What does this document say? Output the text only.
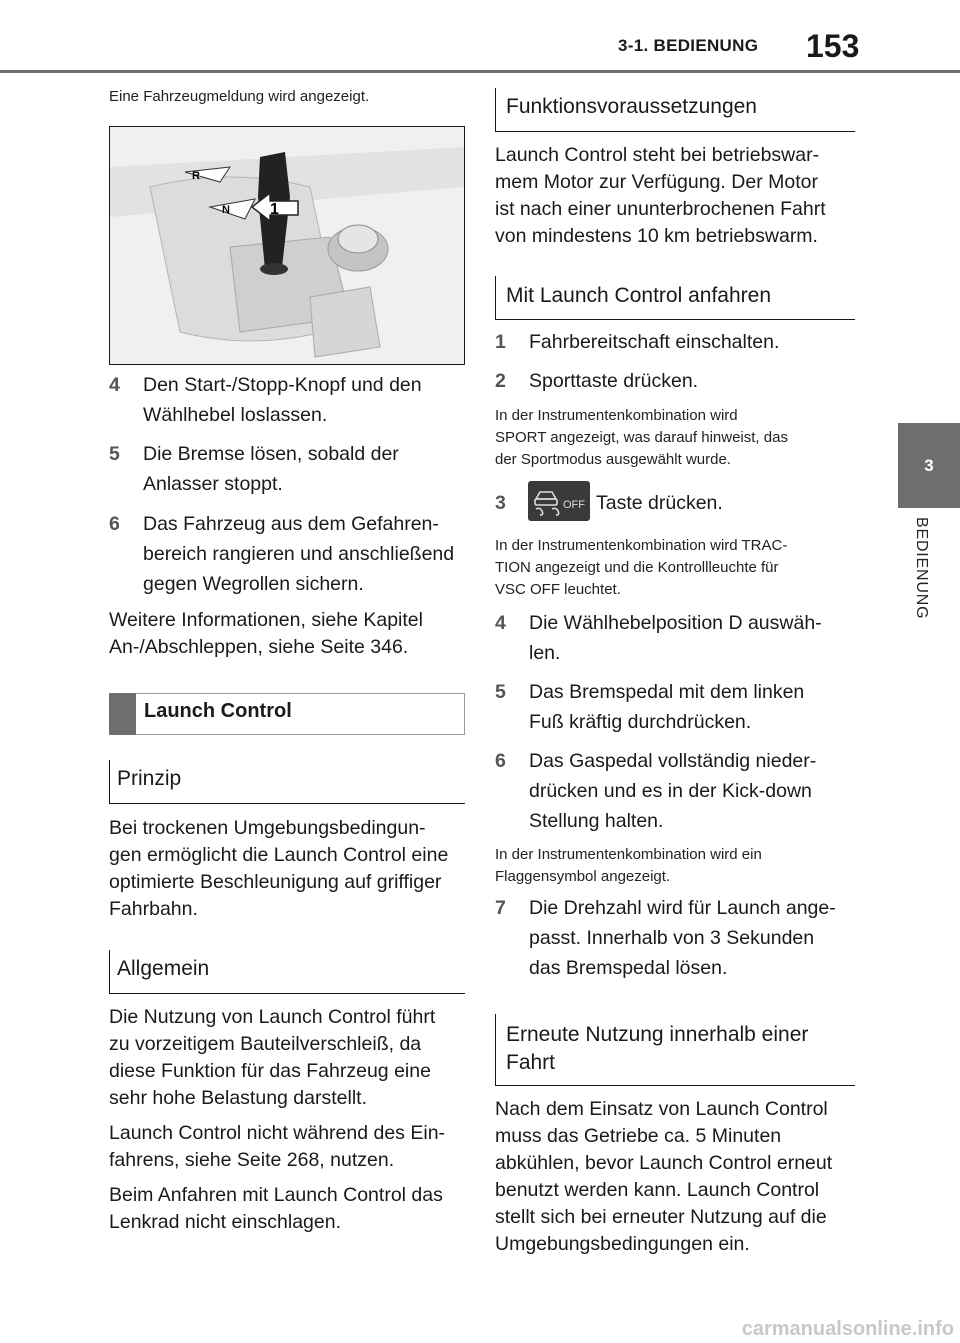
3-1. BEDIENUNG 153
3
BEDIENUNG
Eine Fahrzeugmeldung wird angezeigt.
R
N	1
4 Den Start-/Stopp-Knopf und den
Wählhebel loslassen.
5 Die Bremse lösen, sobald der
Anlasser stoppt.
6 Das Fahrzeug aus dem Gefahren-
bereich rangieren und anschließend
gegen Wegrollen sichern.
Weitere Informationen, siehe Kapitel
An-/Abschleppen, siehe Seite 346.
Launch Control
Prinzip
Bei trockenen Umgebungsbedingun-
gen ermöglicht die Launch Control eine
optimierte Beschleunigung auf griffiger
Fahrbahn.
Allgemein
Die Nutzung von Launch Control führt
zu vorzeitigem Bauteilverschleiß, da
diese Funktion für das Fahrzeug eine
sehr hohe Belastung darstellt.
Launch Control nicht während des Ein-
fahrens, siehe Seite 268, nutzen.
Beim Anfahren mit Launch Control das
Lenkrad nicht einschlagen.
Funktionsvoraussetzungen
Launch Control steht bei betriebswar-
mem Motor zur Verfügung. Der Motor
ist nach einer ununterbrochenen Fahrt
von mindestens 10 km betriebswarm.
Mit Launch Control anfahren
1 Fahrbereitschaft einschalten.
2 Sporttaste drücken.
In der Instrumentenkombination wird
SPORT angezeigt, was darauf hinweist, das
der Sportmodus ausgewählt wurde.
3	OFF Taste drücken.
In der Instrumentenkombination wird TRAC-
TION angezeigt und die Kontrollleuchte für
VSC OFF leuchtet.
4 Die Wählhebelposition D auswäh-
len.
5 Das Bremspedal mit dem linken
Fuß kräftig durchdrücken.
6 Das Gaspedal vollständig nieder-
drücken und es in der Kick-down
Stellung halten.
In der Instrumentenkombination wird ein
Flaggensymbol angezeigt.
7 Die Drehzahl wird für Launch ange-
passt. Innerhalb von 3 Sekunden
das Bremspedal lösen.
Erneute Nutzung innerhalb einer
Fahrt
Nach dem Einsatz von Launch Control
muss das Getriebe ca. 5 Minuten
abkühlen, bevor Launch Control erneut
benutzt werden kann. Launch Control
stellt sich bei erneuter Nutzung auf die
Umgebungsbedingungen ein.
carmanualsonline.info
